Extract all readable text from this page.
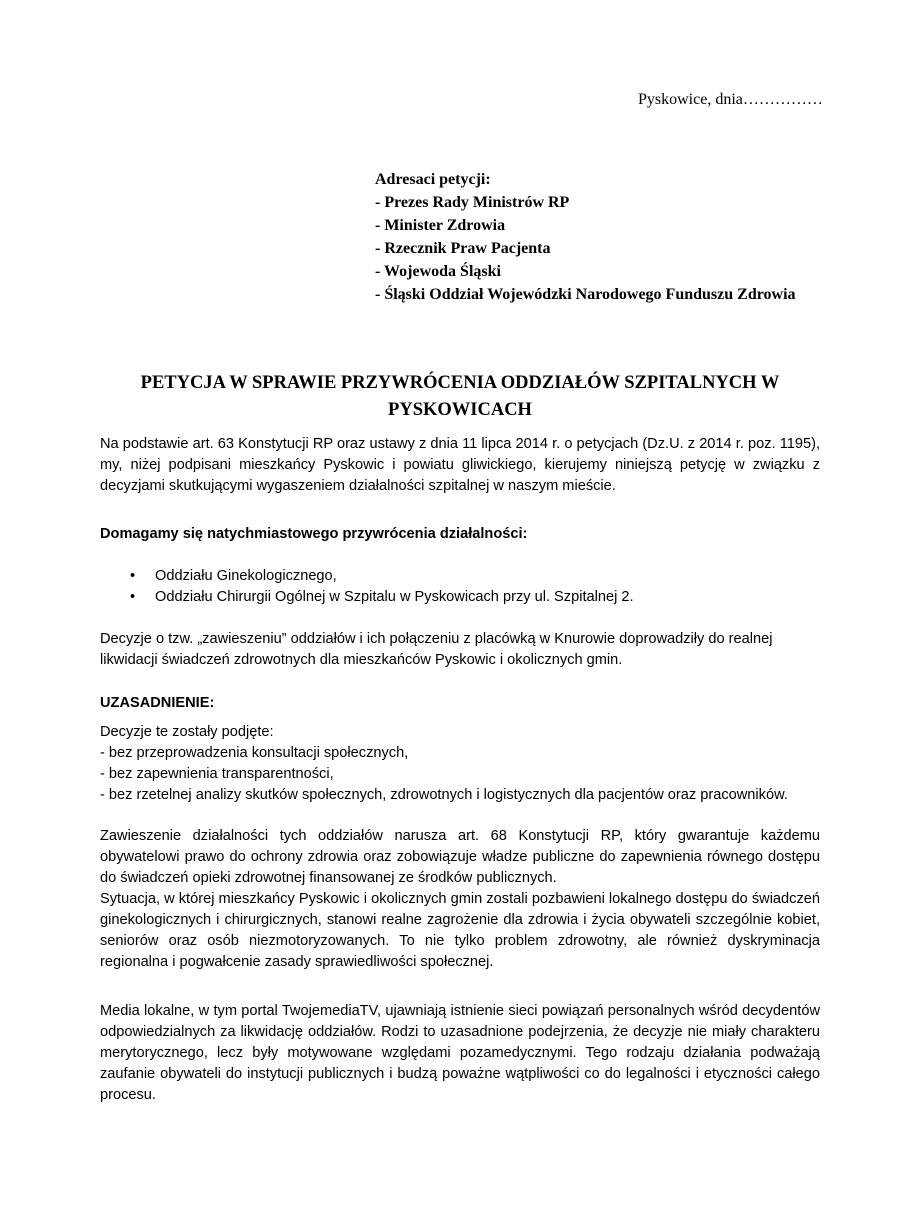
Pyskowice, dnia……………
Adresaci petycji:
- Prezes Rady Ministrów RP
- Minister Zdrowia
- Rzecznik Praw Pacjenta
- Wojewoda Śląski
- Śląski Oddział Wojewódzki Narodowego Funduszu Zdrowia
PETYCJA W SPRAWIE PRZYWRÓCENIA ODDZIAŁÓW SZPITALNYCH W
PYSKOWICACH
Na podstawie art. 63 Konstytucji RP oraz ustawy z dnia 11 lipca 2014 r. o petycjach (Dz.U. z 2014 r. poz. 1195), my, niżej podpisani mieszkańcy Pyskowic i powiatu gliwickiego, kierujemy niniejszą petycję w związku z decyzjami skutkującymi wygaszeniem działalności szpitalnej w naszym mieście.
Domagamy się natychmiastowego przywrócenia działalności:
• Oddziału Ginekologicznego,
• Oddziału Chirurgii Ogólnej w Szpitalu w Pyskowicach przy ul. Szpitalnej 2.
Decyzje o tzw. „zawieszeniu” oddziałów i ich połączeniu z placówką w Knurowie doprowadziły do realnej likwidacji świadczeń zdrowotnych dla mieszkańców Pyskowic i okolicznych gmin.
UZASADNIENIE:
Decyzje te zostały podjęte:
- bez przeprowadzenia konsultacji społecznych,
- bez zapewnienia transparentności,
- bez rzetelnej analizy skutków społecznych, zdrowotnych i logistycznych dla pacjentów oraz pracowników.
Zawieszenie działalności tych oddziałów narusza art. 68 Konstytucji RP, który gwarantuje każdemu obywatelowi prawo do ochrony zdrowia oraz zobowiązuje władze publiczne do zapewnienia równego dostępu do świadczeń opieki zdrowotnej finansowanej ze środków publicznych.
Sytuacja, w której mieszkańcy Pyskowic i okolicznych gmin zostali pozbawieni lokalnego dostępu do świadczeń ginekologicznych i chirurgicznych, stanowi realne zagrożenie dla zdrowia i życia obywateli szczególnie kobiet, seniorów oraz osób niezmotoryzowanych. To nie tylko problem zdrowotny, ale również dyskryminacja regionalna i pogwałcenie zasady sprawiedliwości społecznej.
Media lokalne, w tym portal TwojemediaTV, ujawniają istnienie sieci powiązań personalnych wśród decydentów odpowiedzialnych za likwidację oddziałów. Rodzi to uzasadnione podejrzenia, że decyzje nie miały charakteru merytorycznego, lecz były motywowane względami pozamedycznymi. Tego rodzaju działania podważają zaufanie obywateli do instytucji publicznych i budzą poważne wątpliwości co do legalności i etyczności całego procesu.
